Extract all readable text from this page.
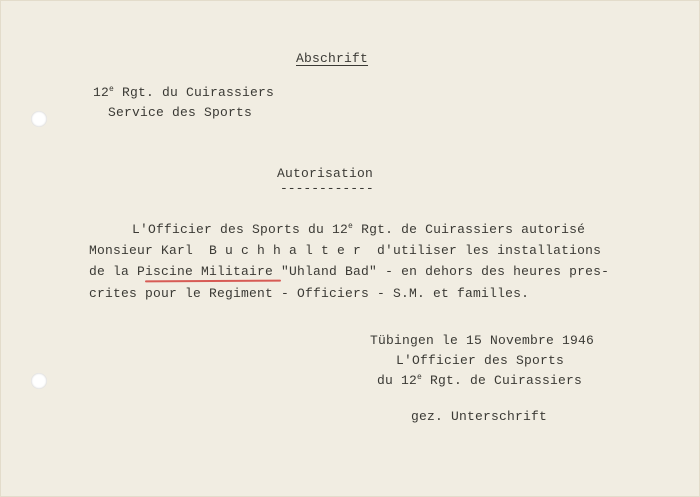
Abschrift
12e Rgt. du Cuirassiers
Service des Sports
Autorisation
------------
L'Officier des Sports du 12e Rgt. de Cuirassiers autorisé
Monsieur Karl  B u c h h a l t e r  d'utiliser les installations
de la Piscine Militaire "Uhland Bad" - en dehors des heures pres-
crites pour le Regiment - Officiers - S.M. et familles.
Tübingen le 15 Novembre 1946
L'Officier des Sports
du 12e Rgt. de Cuirassiers
gez. Unterschrift
